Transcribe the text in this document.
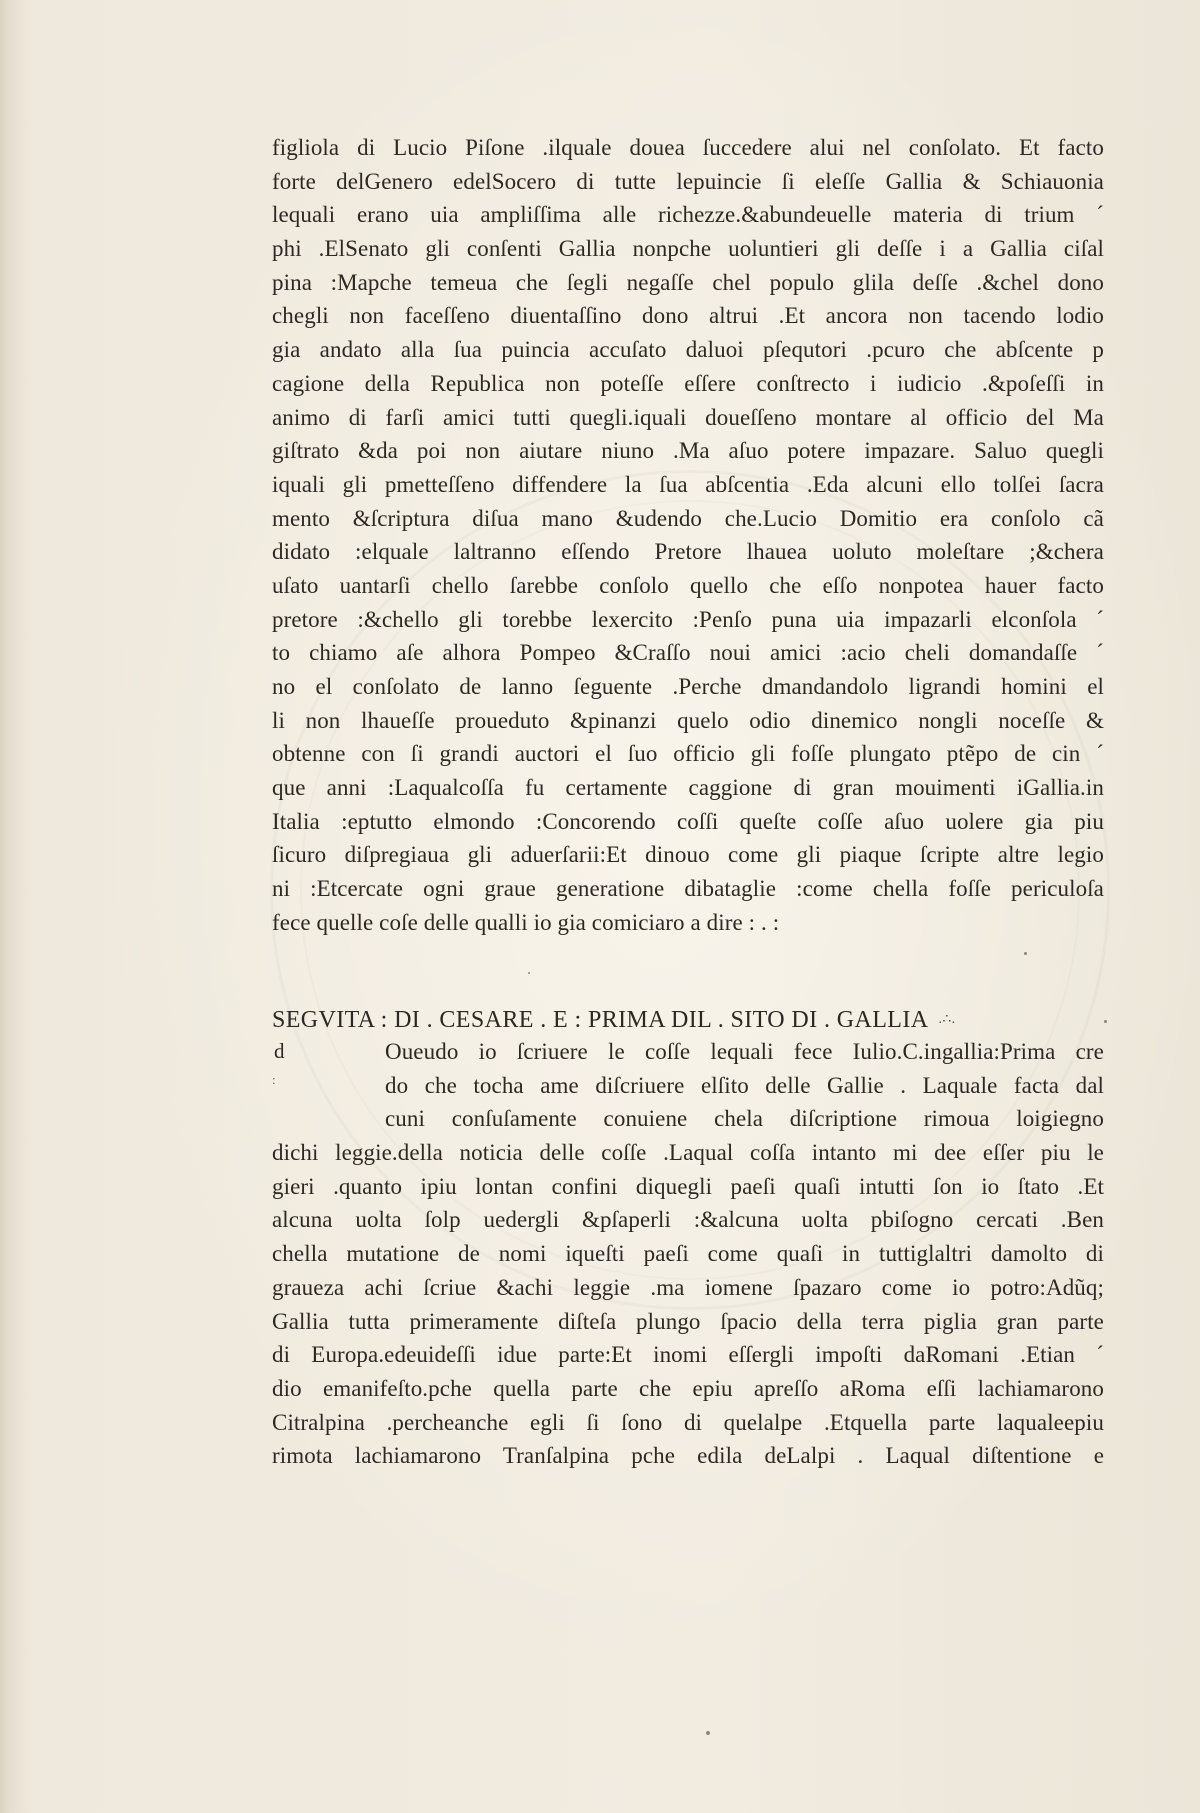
figliola di Lucio Piſone .ilquale douea ſuccedere alui nel conſolato. Et facto
forte delGenero edelSocero di tutte lepuincie ſi eleſſe Gallia & Schiauonia
lequali erano uia ampliſſima alle richezze.&abundeuelle materia di trium ´
phi .ElSenato gli conſenti Gallia nonpche uoluntieri gli deſſe i a Gallia ciſal
pina :Mapche temeua che ſegli negaſſe chel populo glila deſſe .&chel dono
chegli non faceſſeno diuentaſſino dono altrui .Et ancora non tacendo lodio
gia andato alla ſua puincia accuſato daluoi pſequtori .pcuro che abſcente p
cagione della Republica non poteſſe eſſere conſtrecto i iudicio .&poſeſſi in
animo di farſi amici tutti quegli.iquali doueſſeno montare al officio del Ma
giſtrato &da poi non aiutare niuno .Ma aſuo potere impazare. Saluo quegli
iquali gli pmetteſſeno diffendere la ſua abſcentia .Eda alcuni ello tolſei ſacra
mento &ſcriptura diſua mano &udendo che.Lucio Domitio era conſolo cã
didato :elquale laltranno eſſendo Pretore lhauea uoluto moleſtare ;&chera
uſato uantarſi chello ſarebbe conſolo quello che eſſo nonpotea hauer facto
pretore :&chello gli torebbe lexercito :Penſo puna uia impazarli elconſola ´
to chiamo aſe alhora Pompeo &Craſſo noui amici :acio cheli domandaſſe ´
no el conſolato de lanno ſeguente .Perche dmandandolo ligrandi homini el
li non lhaueſſe proueduto &pinanzi quelo odio dinemico nongli noceſſe &
obtenne con ſi grandi auctori el ſuo officio gli foſſe plungato ptẽpo de cin ´
que anni :Laqualcoſſa fu certamente caggione di gran mouimenti iGallia.in
Italia :eptutto elmondo :Concorendo coſſi queſte coſſe aſuo uolere gia piu
ſicuro diſpregiaua gli aduerſarii:Et dinouo come gli piaque ſcripte altre legio
ni :Etcercate ogni graue generatione dibataglie :come chella foſſe periculoſa
fece quelle coſe delle qualli io gia comiciaro a dire : . :
SEGVITA : DI . CESARE . E : PRIMA DIL . SITO DI . GALLIA .∴.
d
:
Oueudo io ſcriuere le coſſe lequali fece Iulio.C.ingallia:Prima cre
do che tocha ame diſcriuere elſito delle Gallie . Laquale facta dal
cuni conſuſamente conuiene chela diſcriptione rimoua loigiegno
dichi leggie.della noticia delle coſſe .Laqual coſſa intanto mi dee eſſer piu le
gieri .quanto ipiu lontan confini diquegli paeſi quaſi intutti ſon io ſtato .Et
alcuna uolta ſolp uedergli &pſaperli :&alcuna uolta pbiſogno cercati .Ben
chella mutatione de nomi iqueſti paeſi come quaſi in tuttiglaltri damolto di
graueza achi ſcriue &achi leggie .ma iomene ſpazaro come io potro:Adũq;
Gallia tutta primeramente diſteſa plungo ſpacio della terra piglia gran parte
di Europa.edeuideſſi idue parte:Et inomi eſſergli impoſti daRomani .Etian ´
dio emanifeſto.pche quella parte che epiu apreſſo aRoma eſſi lachiamarono
Citralpina .percheanche egli ſi ſono di quelalpe .Etquella parte laqualeepiu
rimota lachiamarono Tranſalpina pche edila deLalpi . Laqual diſtentione e
